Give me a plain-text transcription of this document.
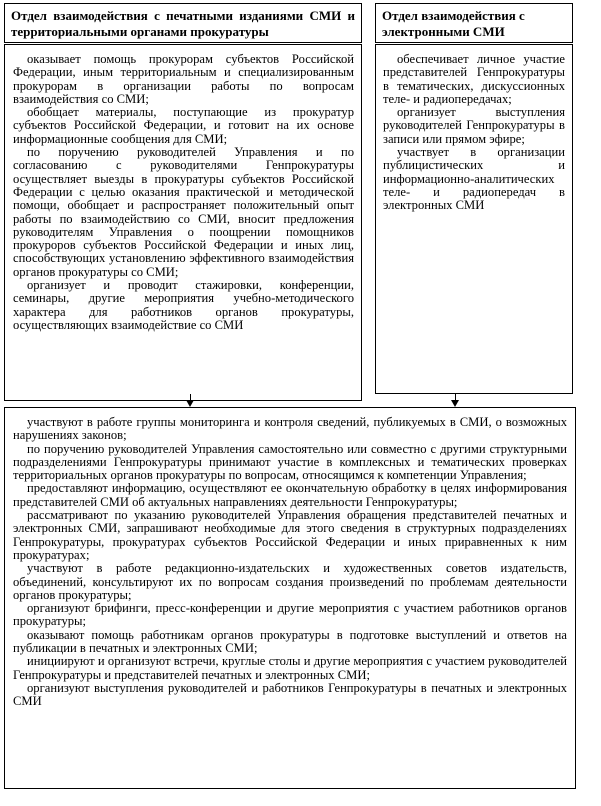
Отдел взаимодействия с печатными изданиями СМИ и территориальными органами прокуратуры
оказывает помощь прокурорам субъектов Российской Федерации, иным территориальным и специализированным прокурорам в организации работы по вопросам взаимодействия со СМИ;
обобщает материалы, поступающие из прокуратур субъектов Российской Федерации, и готовит на их основе информационные сообщения для СМИ;
по поручению руководителей Управления и по согласованию с руководителями Генпрокуратуры осуществляет выезды в прокуратуры субъектов Российской Федерации с целью оказания практической и методической помощи, обобщает и распространяет положительный опыт работы по взаимодействию со СМИ, вносит предложения руководителям Управления о поощрении помощников прокуроров субъектов Российской Федерации и иных лиц, способствующих установлению эффективного взаимодействия органов прокуратуры со СМИ;
организует и проводит стажировки, конференции, семинары, другие мероприятия учебно-методического характера для работников органов прокуратуры, осуществляющих взаимодействие со СМИ
Отдел взаимодействия с электронными СМИ
обеспечивает личное участие представителей Генпрокуратуры в тематических, дискуссионных теле- и радиопередачах;
организует выступления руководителей Генпрокуратуры в записи или прямом эфире;
участвует в организации публицистических и информационно-аналитических теле- и радиопередач в электронных СМИ
участвуют в работе группы мониторинга и контроля сведений, публикуемых в СМИ, о возможных нарушениях законов;
по поручению руководителей Управления самостоятельно или совместно с другими структурными подразделениями Генпрокуратуры принимают участие в комплексных и тематических проверках территориальных органов прокуратуры по вопросам, относящимся к компетенции Управления;
предоставляют информацию, осуществляют ее окончательную обработку в целях информирования представителей СМИ об актуальных направлениях деятельности Генпрокуратуры;
рассматривают по указанию руководителей Управления обращения представителей печатных и электронных СМИ, запрашивают необходимые для этого сведения в структурных подразделениях Генпрокуратуры, прокуратурах субъектов Российской Федерации и иных приравненных к ним прокуратурах;
участвуют в работе редакционно-издательских и художественных советов издательств, объединений, консультируют их по вопросам создания произведений по проблемам деятельности органов прокуратуры;
организуют брифинги, пресс-конференции и другие мероприятия с участием работников органов прокуратуры;
оказывают помощь работникам органов прокуратуры в подготовке выступлений и ответов на публикации в печатных и электронных СМИ;
инициируют и организуют встречи, круглые столы и другие мероприятия с участием руководителей Генпрокуратуры и представителей печатных и электронных СМИ;
организуют выступления руководителей и работников Генпрокуратуры в печатных и электронных СМИ
